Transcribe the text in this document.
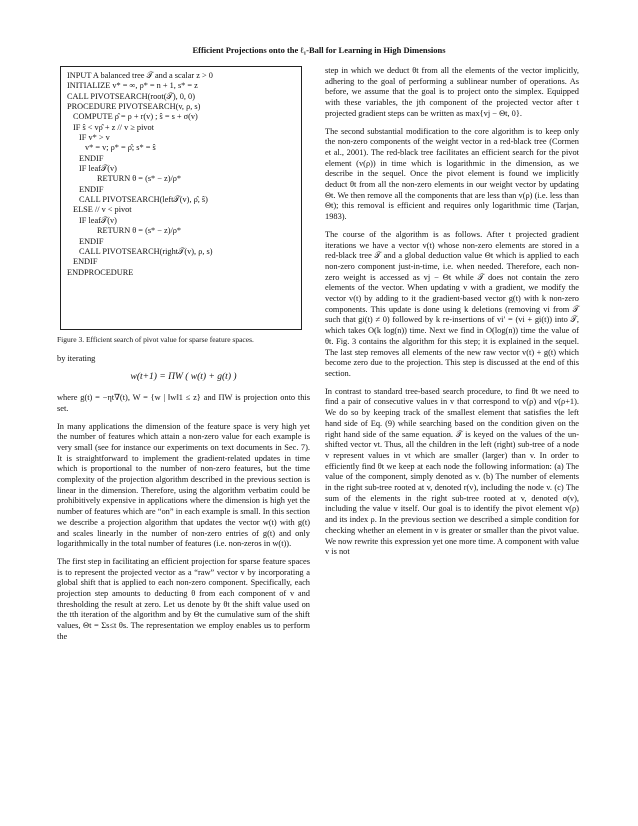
Efficient Projections onto the ℓ₁-Ball for Learning in High Dimensions
INPUT A balanced tree 𝒯 and a scalar z > 0
INITIALIZE v* = ∞, ρ* = n + 1, s* = z
CALL PIVOTSEARCH(root(𝒯), 0, 0)
PROCEDURE PIVOTSEARCH(v, ρ, s)
COMPUTE ρ̂ = ρ + r(v) ; ŝ = s + σ(v)
IF ŝ < vρ̂ + z // v ≥ pivot
IF v* > v
v* = v; ρ* = ρ̂; s* = ŝ
ENDIF
IF leaf𝒯(v)
RETURN θ = (s* − z)/ρ*
ENDIF
CALL PIVOTSEARCH(left𝒯(v), ρ̂, ŝ)
ELSE // v < pivot
IF leaf𝒯(v)
RETURN θ = (s* − z)/ρ*
ENDIF
CALL PIVOTSEARCH(right𝒯(v), ρ, s)
ENDIF
ENDPROCEDURE
Figure 3. Efficient search of pivot value for sparse feature spaces.

by iterating

w(t+1) = ΠW ( w(t) + g(t) )

where g(t) = −ηt∇(t), W = {w | ‖w‖1 ≤ z} and ΠW is projection onto this set.

In many applications the dimension of the feature space is very high yet the number of features which attain a non-zero value for each example is very small (see for instance our experiments on text documents in Sec. 7). It is straightforward to implement the gradient-related updates in time which is proportional to the number of non-zero features, but the time complexity of the projection algorithm described in the previous section is linear in the dimension. Therefore, using the algorithm verbatim could be prohibitively expensive in applications where the dimension is high yet the number of features which are “on” in each example is small. In this section we describe a projection algorithm that updates the vector w(t) with g(t) and scales linearly in the number of non-zero entries of g(t) and only logarithmically in the total number of features (i.e. non-zeros in w(t)).

The first step in facilitating an efficient projection for sparse feature spaces is to represent the projected vector as a “raw” vector v by incorporating a global shift that is applied to each non-zero component. Specifically, each projection step amounts to deducting θ from each component of v and thresholding the result at zero. Let us denote by θt the shift value used on the tth iteration of the algorithm and by Θt the cumulative sum of the shift values, Θt = Σs≤t θs. The representation we employ enables us to perform the

step in which we deduct θt from all the elements of the vector implicitly, adhering to the goal of performing a sublinear number of operations. As before, we assume that the goal is to project onto the simplex. Equipped with these variables, the jth component of the projected vector after t projected gradient steps can be written as max{vj − Θt, 0}.

The second substantial modification to the core algorithm is to keep only the non-zero components of the weight vector in a red-black tree (Cormen et al., 2001). The red-black tree facilitates an efficient search for the pivot element (v(ρ)) in time which is logarithmic in the dimension, as we describe in the sequel. Once the pivot element is found we implicitly deduct θt from all the non-zero elements in our weight vector by updating Θt. We then remove all the components that are less than v(ρ) (i.e. less than Θt); this removal is efficient and requires only logarithmic time (Tarjan, 1983).

The course of the algorithm is as follows. After t projected gradient iterations we have a vector v(t) whose non-zero elements are stored in a red-black tree 𝒯 and a global deduction value Θt which is applied to each non-zero component just-in-time, i.e. when needed. Therefore, each non-zero weight is accessed as vj − Θt while 𝒯 does not contain the zero elements of the vector. When updating v with a gradient, we modify the vector v(t) by adding to it the gradient-based vector g(t) with k non-zero components. This update is done using k deletions (removing vi from 𝒯 such that gi(t) ≠ 0) followed by k re-insertions of vi′ = (vi + gi(t)) into 𝒯, which takes O(k log(n)) time. Next we find in O(log(n)) time the value of θt. Fig. 3 contains the algorithm for this step; it is explained in the sequel. The last step removes all elements of the new raw vector v(t) + g(t) which become zero due to the projection. This step is discussed at the end of this section.

In contrast to standard tree-based search procedure, to find θt we need to find a pair of consecutive values in v that correspond to v(ρ) and v(ρ+1). We do so by keeping track of the smallest element that satisfies the left hand side of Eq. (9) while searching based on the condition given on the right hand side of the same equation. 𝒯 is keyed on the values of the un-shifted vector vt. Thus, all the children in the left (right) sub-tree of a node v represent values in vt which are smaller (larger) than v. In order to efficiently find θt we keep at each node the following information: (a) The value of the component, simply denoted as v. (b) The number of elements in the right sub-tree rooted at v, denoted r(v), including the node v. (c) The sum of the elements in the right sub-tree rooted at v, denoted σ(v), including the value v itself. Our goal is to identify the pivot element v(ρ) and its index ρ. In the previous section we described a simple condition for checking whether an element in v is greater or smaller than the pivot value. We now rewrite this expression yet one more time. A component with value v is not
